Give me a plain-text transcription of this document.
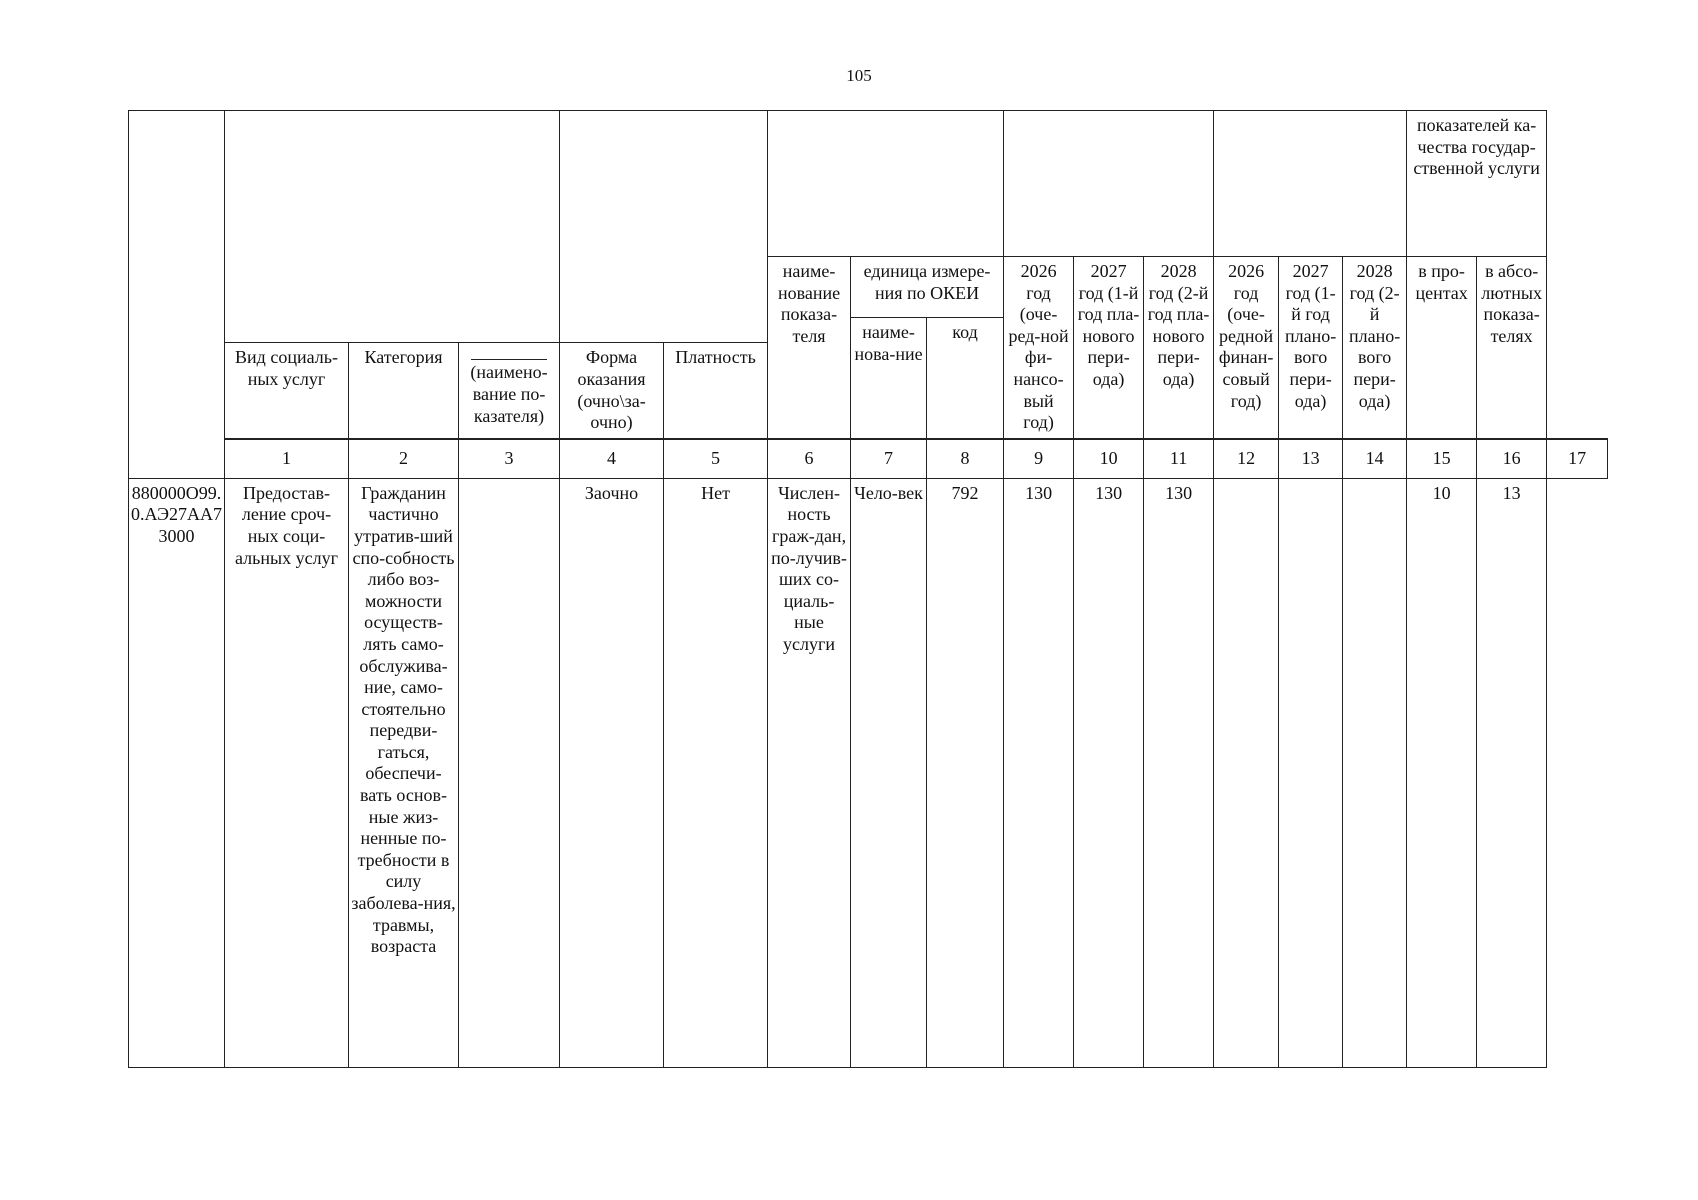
105
															показателей ка-чества государ-ственной услуги		
						наиме-нование показа-теля	единица измере-ния по ОКЕИ		2026 год (оче-ред-ной фи-нансо-вый год)	2027 год (1-й год пла-нового пери-ода)	2028 год (2-й год пла-нового пери-ода)	2026 год (оче-редной финан-совый год)	2027 год (1-й год плано-вого пери-ода)	2028 год (2-й плано-вого пери-ода)	в про-центах	в абсо-лютных показа-телях	
							наиме-нова-ние	код									
	Вид социаль-ных услуг	Категория	(наимено-вание по-казателя)	Форма оказания (очно\за-очно)	Платность												
	1	2	3	4	5	6	7	8	9	10	11	12	13	14	15	16	17
880000О99.0.АЭ27АА73000	Предостав-ление сроч-ных соци-альных услуг	Гражданин частично утратив-ший спо-собность либо воз-можности осуществ-лять само-обслужива-ние, само-стоятельно передви-гаться, обеспечи-вать основ-ные жиз-ненные по-требности в силу заболева-ния, травмы, возраста		Заочно	Нет	Числен-ность граж-дан, по-лучив-ших со-циаль-ные услуги	Чело-век	792	130	130	130				10	13	
